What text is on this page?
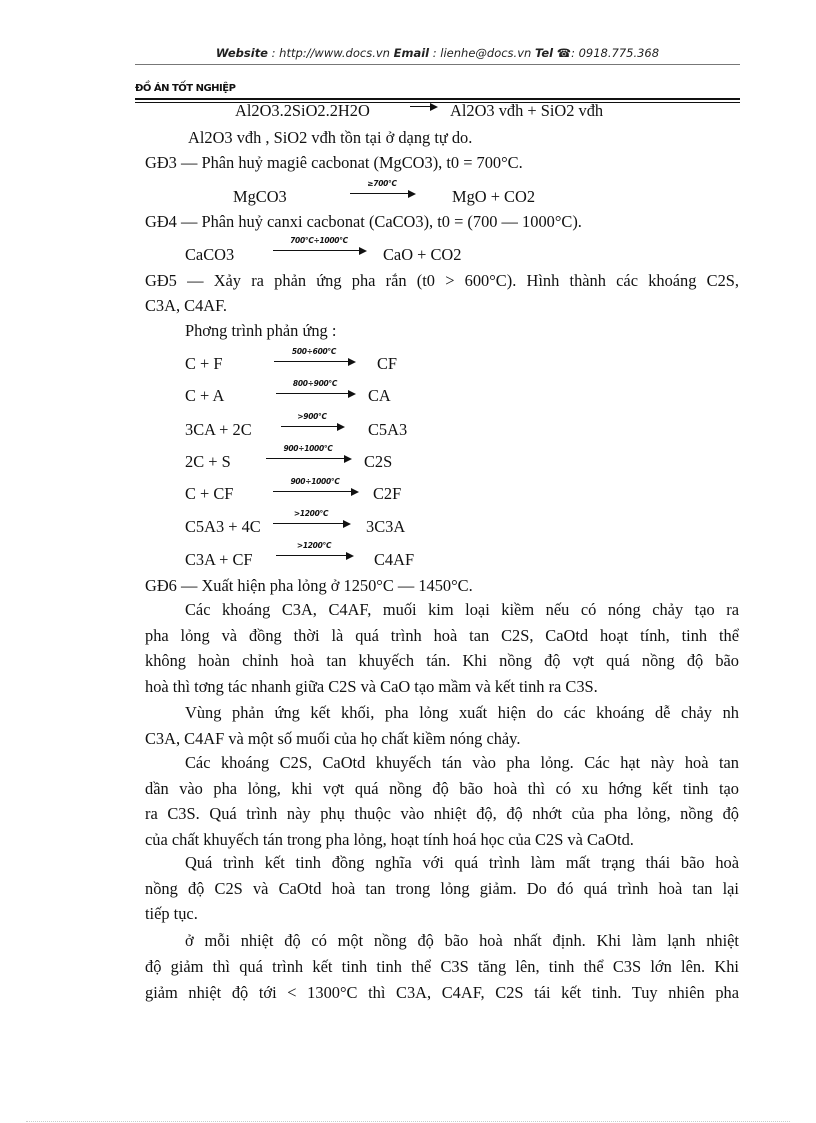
Website : http://www.docs.vn Email : lienhe@docs.vn Tel ☎: 0918.775.368
ĐỒ ÁN TỐT NGHIỆP
Al2O3.2SiO2.2H2O	Al2O3 vđh + SiO2 vđh
Al2O3 vđh , SiO2 vđh tồn tại ở dạng tự do.
GĐ3 — Phân huỷ magiê cacbonat (MgCO3), t0 = 700°C.
MgCO3
≥700°C
MgO + CO2
GĐ4 — Phân huỷ canxi cacbonat (CaCO3), t0 = (700 — 1000°C).
CaCO3
700°C÷1000°C
CaO + CO2
GĐ5 — Xảy ra phản ứng pha rắn (t0 > 600°C). Hình thành các khoáng C2S,
C3A, C4AF.
Phơng trình phản ứng :
C + F
500÷600°C
CF
C + A
800÷900°C
CA
3CA + 2C
>900°C
C5A3
2C + S
900÷1000°C
C2S
C + CF
900÷1000°C
C2F
C5A3 + 4C
>1200°C
3C3A
C3A + CF
>1200°C
C4AF
GĐ6 — Xuất hiện pha lỏng ở 1250°C — 1450°C.
Các khoáng C3A, C4AF, muối kim loại kiềm nếu có nóng chảy tạo ra
pha lỏng và đồng thời là quá trình hoà tan C2S, CaOtd hoạt tính, tinh thể
không hoàn chỉnh hoà tan khuyếch tán. Khi nồng độ vợt quá nồng độ bão
hoà thì tơng tác nhanh giữa C2S và CaO tạo mầm và kết tinh ra C3S.
Vùng phản ứng kết khối, pha lỏng xuất hiện do các khoáng dễ chảy nh
C3A, C4AF và một số muối của họ chất kiềm nóng chảy.
Các khoáng C2S, CaOtd khuyếch tán vào pha lỏng. Các hạt này hoà tan
dần vào pha lỏng, khi vợt quá nồng độ bão hoà thì có xu hớng kết tinh tạo
ra C3S. Quá trình này phụ thuộc vào nhiệt độ, độ nhớt của pha lỏng, nồng độ
của chất khuyếch tán trong pha lỏng, hoạt tính hoá học của C2S và CaOtd.
Quá trình kết tinh đồng nghĩa với quá trình làm mất trạng thái bão hoà
nồng độ C2S và CaOtd hoà tan trong lỏng giảm. Do đó quá trình hoà tan lại
tiếp tục.
ở mỗi nhiệt độ có một nồng độ bão hoà nhất định. Khi làm lạnh nhiệt
độ giảm thì quá trình kết tinh tinh thể C3S tăng lên, tinh thể C3S lớn lên. Khi
giảm nhiệt độ tới < 1300°C thì C3A, C4AF, C2S tái kết tinh. Tuy nhiên pha
